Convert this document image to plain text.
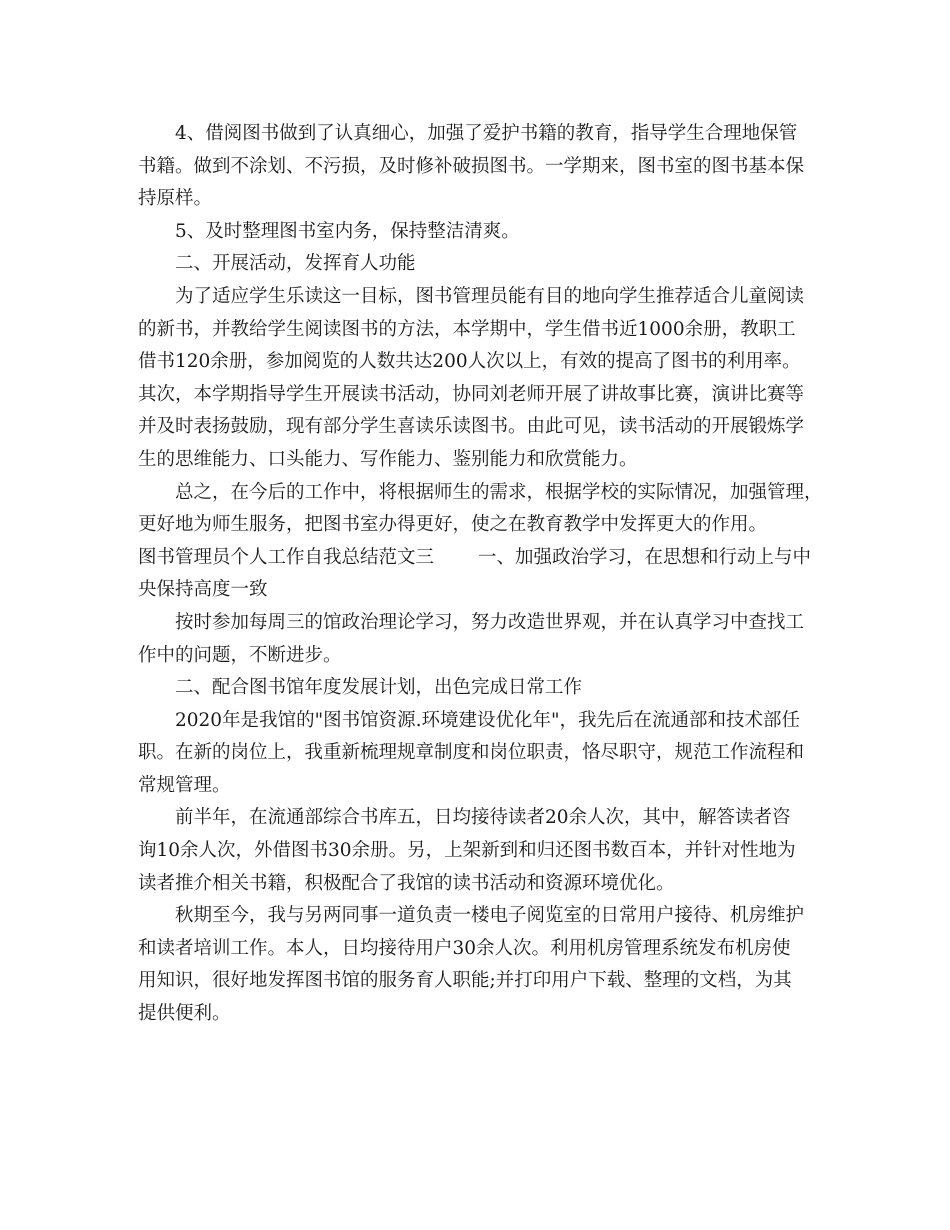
4、借阅图书做到了认真细心，加强了爱护书籍的教育，指导学生合理地保管
书籍。做到不涂划、不污损，及时修补破损图书。一学期来，图书室的图书基本保
持原样。
5、及时整理图书室内务，保持整洁清爽。
二、开展活动，发挥育人功能
为了适应学生乐读这一目标，图书管理员能有目的地向学生推荐适合儿童阅读
的新书，并教给学生阅读图书的方法，本学期中，学生借书近1000余册，教职工
借书120余册，参加阅览的人数共达200人次以上，有效的提高了图书的利用率。
其次，本学期指导学生开展读书活动，协同刘老师开展了讲故事比赛，演讲比赛等
并及时表扬鼓励，现有部分学生喜读乐读图书。由此可见，读书活动的开展锻炼学
生的思维能力、口头能力、写作能力、鉴别能力和欣赏能力。
总之，在今后的工作中，将根据师生的需求，根据学校的实际情况，加强管理，
更好地为师生服务，把图书室办得更好，使之在教育教学中发挥更大的作用。
图书管理员个人工作自我总结范文三 一、加强政治学习，在思想和行动上与中
央保持高度一致
按时参加每周三的馆政治理论学习，努力改造世界观，并在认真学习中查找工
作中的问题，不断进步。
二、配合图书馆年度发展计划，出色完成日常工作
2020年是我馆的"图书馆资源.环境建设优化年"，我先后在流通部和技术部任
职。在新的岗位上，我重新梳理规章制度和岗位职责，恪尽职守，规范工作流程和
常规管理。
前半年，在流通部综合书库五，日均接待读者20余人次，其中，解答读者咨
询10余人次，外借图书30余册。另，上架新到和归还图书数百本，并针对性地为
读者推介相关书籍，积极配合了我馆的读书活动和资源环境优化。
秋期至今，我与另两同事一道负责一楼电子阅览室的日常用户接待、机房维护
和读者培训工作。本人，日均接待用户30余人次。利用机房管理系统发布机房使
用知识，很好地发挥图书馆的服务育人职能;并打印用户下载、整理的文档，为其
提供便利。
